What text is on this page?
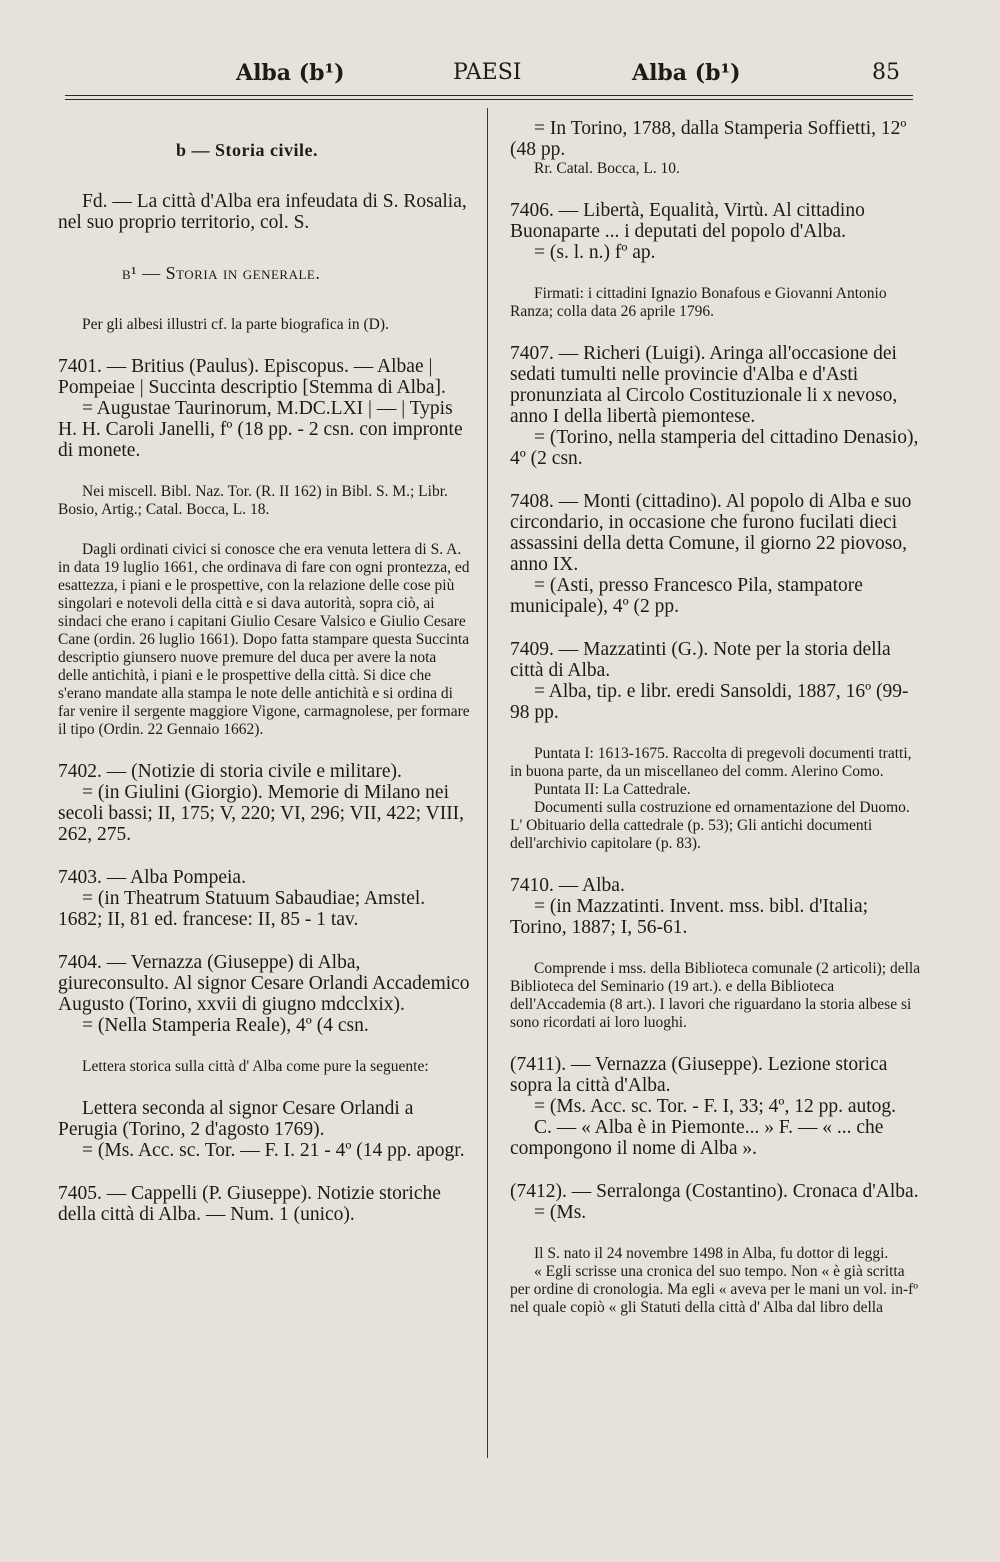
Alba (b¹)	PAESI	Alba (b¹)	85

b — Storia civile.

Fd. — La città d'Alba era infeudata di S. Rosalia, nel suo proprio territorio, col. S.

b¹ — Storia in generale.

Per gli albesi illustri cf. la parte biografica in (D).

7401. — Britius (Paulus). Episcopus. — Albae | Pompeiae | Succinta descriptio [Stemma di Alba].

= Augustae Taurinorum, M.DC.LXI | — | Typis H. H. Caroli Janelli, fº (18 pp. - 2 csn. con impronte di monete.

Nei miscell. Bibl. Naz. Tor. (R. II 162) in Bibl. S. M.; Libr. Bosio, Artig.; Catal. Bocca, L. 18.

Dagli ordinati civici si conosce che era venuta lettera di S. A. in data 19 luglio 1661, che ordinava di fare con ogni prontezza, ed esattezza, i piani e le prospettive, con la relazione delle cose più singolari e notevoli della città e si dava autorità, sopra ciò, ai sindaci che erano i capitani Giulio Cesare Valsico e Giulio Cesare Cane (ordin. 26 luglio 1661). Dopo fatta stampare questa Succinta descriptio giunsero nuove premure del duca per avere la nota delle antichità, i piani e le prospettive della città. Si dice che s'erano mandate alla stampa le note delle antichità e si ordina di far venire il sergente maggiore Vigone, carmagnolese, per formare il tipo (Ordin. 22 Gennaio 1662).

7402. — (Notizie di storia civile e militare).

= (in Giulini (Giorgio). Memorie di Milano nei secoli bassi; II, 175; V, 220; VI, 296; VII, 422; VIII, 262, 275.

7403. — Alba Pompeia.

= (in Theatrum Statuum Sabaudiae; Amstel. 1682; II, 81 ed. francese: II, 85 - 1 tav.

7404. — Vernazza (Giuseppe) di Alba, giureconsulto. Al signor Cesare Orlandi Accademico Augusto (Torino, xxvii di giugno mdcclxix).

= (Nella Stamperia Reale), 4º (4 csn.

Lettera storica sulla città d' Alba come pure la seguente:

Lettera seconda al signor Cesare Orlandi a Perugia (Torino, 2 d'agosto 1769).

= (Ms. Acc. sc. Tor. — F. I. 21 - 4º (14 pp. apogr.

7405. — Cappelli (P. Giuseppe). Notizie storiche della città di Alba. — Num. 1 (unico).

= In Torino, 1788, dalla Stamperia Soffietti, 12º (48 pp.

Rr. Catal. Bocca, L. 10.

7406. — Libertà, Equalità, Virtù. Al cittadino Buonaparte ... i deputati del popolo d'Alba.

= (s. l. n.) fº ap.

Firmati: i cittadini Ignazio Bonafous e Giovanni Antonio Ranza; colla data 26 aprile 1796.

7407. — Richeri (Luigi). Aringa all'occasione dei sedati tumulti nelle provincie d'Alba e d'Asti pronunziata al Circolo Costituzionale li x nevoso, anno I della libertà piemontese.

= (Torino, nella stamperia del cittadino Denasio), 4º (2 csn.

7408. — Monti (cittadino). Al popolo di Alba e suo circondario, in occasione che furono fucilati dieci assassini della detta Comune, il giorno 22 piovoso, anno IX.

= (Asti, presso Francesco Pila, stampatore municipale), 4º (2 pp.

7409. — Mazzatinti (G.). Note per la storia della città di Alba.

= Alba, tip. e libr. eredi Sansoldi, 1887, 16º (99-98 pp.

Puntata I: 1613-1675. Raccolta di pregevoli documenti tratti, in buona parte, da un miscellaneo del comm. Alerino Como.

Puntata II: La Cattedrale.

Documenti sulla costruzione ed ornamentazione del Duomo. L' Obituario della cattedrale (p. 53); Gli antichi documenti dell'archivio capitolare (p. 83).

7410. — Alba.

= (in Mazzatinti. Invent. mss. bibl. d'Italia; Torino, 1887; I, 56-61.

Comprende i mss. della Biblioteca comunale (2 articoli); della Biblioteca del Seminario (19 art.). e della Biblioteca dell'Accademia (8 art.). I lavori che riguardano la storia albese si sono ricordati ai loro luoghi.

(7411). — Vernazza (Giuseppe). Lezione storica sopra la città d'Alba.

= (Ms. Acc. sc. Tor. - F. I, 33; 4º, 12 pp. autog.

C. — « Alba è in Piemonte... » F. — « ... che compongono il nome di Alba ».

(7412). — Serralonga (Costantino). Cronaca d'Alba.

= (Ms.

Il S. nato il 24 novembre 1498 in Alba, fu dottor di leggi.

« Egli scrisse una cronica del suo tempo. Non « è già scritta per ordine di cronologia. Ma egli « aveva per le mani un vol. in-fº nel quale copiò « gli Statuti della città d' Alba dal libro della
